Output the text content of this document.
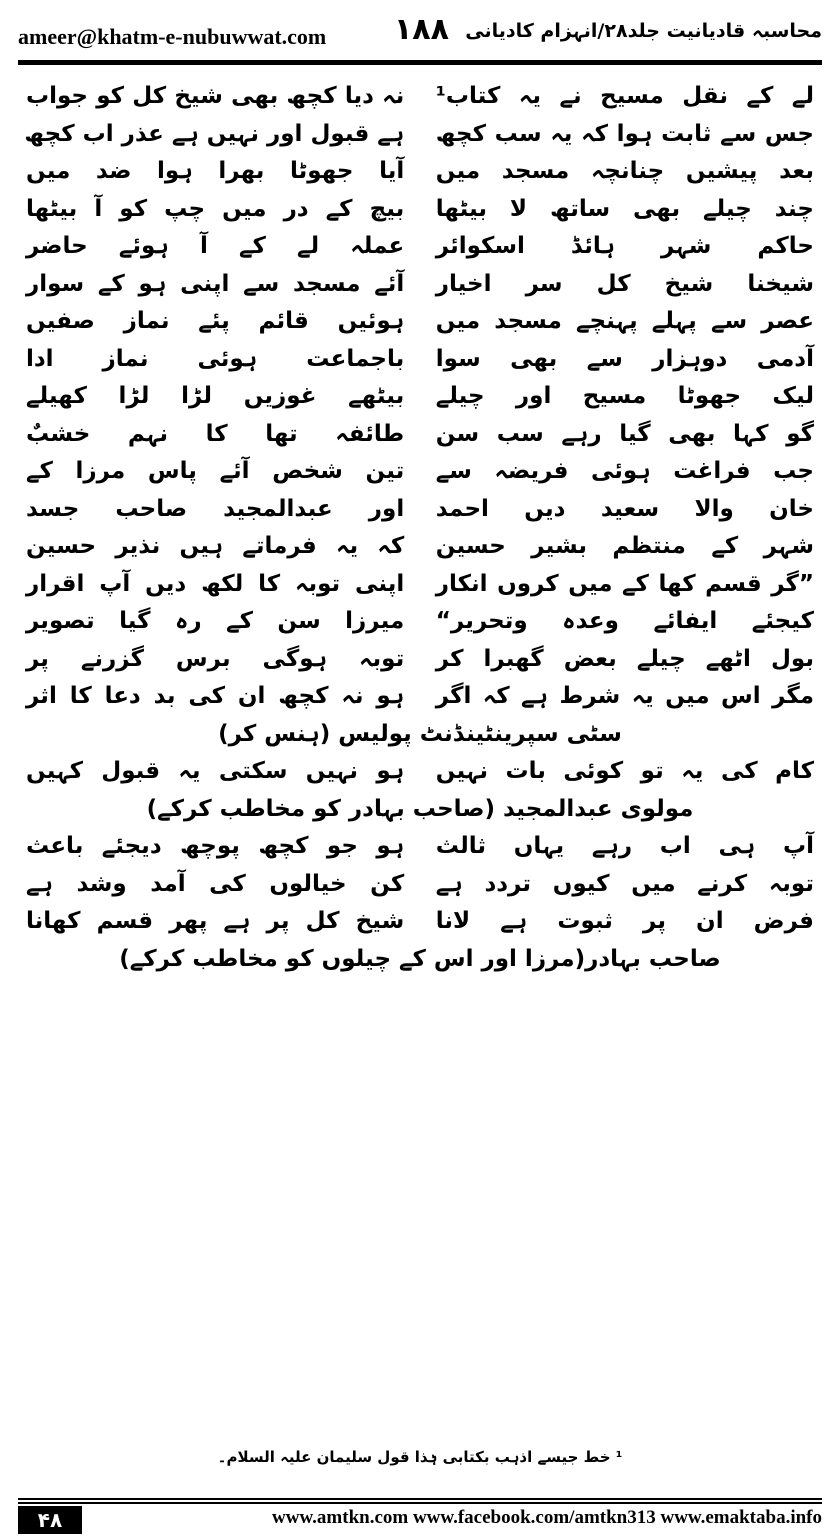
ameer@khatm-e-nubuwwat.com ۱۸۸ محاسبہ قادیانیت جلد۲۸/انہزام کادیانی
لے کے نقل مسیح نے یہ کتاب¹
نہ دیا کچھ بھی شیخ کل کو جواب
جس سے ثابت ہوا کہ یہ سب کچھ
ہے قبول اور نہیں ہے عذر اب کچھ
بعد پیشیں چنانچہ مسجد میں
آیا جھوٹا بھرا ہوا ضد میں
چند چیلے بھی ساتھ لا بیٹھا
بیچ کے در میں چپ کو آ بیٹھا
حاکم شہر ہائڈ اسکوائر
عملہ لے کے آ ہوئے حاضر
شیخنا شیخ کل سر اخیار
آئے مسجد سے اپنی ہو کے سوار
عصر سے پہلے پہنچے مسجد میں
ہوئیں قائم پئے نماز صفیں
آدمی دوہزار سے بھی سوا
باجماعت ہوئی نماز ادا
لیک جھوٹا مسیح اور چیلے
بیٹھے غوزیں لڑا لڑا کھیلے
گو کہا بھی گیا رہے سب سن
طائفہ تھا کا نہم خشبٌ
جب فراغت ہوئی فریضہ سے
تین شخص آئے پاس مرزا کے
خان والا سعید دیں احمد
اور عبدالمجید صاحب جسد
شہر کے منتظم بشیر حسین
کہ یہ فرماتے ہیں نذیر حسین
”گر قسم کھا کے میں کروں انکار
اپنی توبہ کا لکھ دیں آپ اقرار
کیجئے ایفائے وعدہ وتحریر“
میرزا سن کے رہ گیا تصویر
بول اٹھے چیلے بعض گھبرا کر
توبہ ہوگی برس گزرنے پر
مگر اس میں یہ شرط ہے کہ اگر
ہو نہ کچھ ان کی بد دعا کا اثر
سٹی سپرینٹینڈنٹ پولیس (ہنس کر)
کام کی یہ تو کوئی بات نہیں
ہو نہیں سکتی یہ قبول کہیں
مولوی عبدالمجید (صاحب بہادر کو مخاطب کرکے)
آپ ہی اب رہے یہاں ثالث
ہو جو کچھ پوچھ دیجئے باعث
توبہ کرنے میں کیوں تردد ہے
کن خیالوں کی آمد وشد ہے
فرض ان پر ثبوت ہے لانا
شیخ کل پر ہے پھر قسم کھانا
صاحب بہادر(مرزا اور اس کے چیلوں کو مخاطب کرکے)
¹ خط جیسے اذہب بکتابی ہٰذا قول سلیمان علیہ السلام۔
۴۸	www.amtkn.com www.facebook.com/amtkn313 www.emaktaba.info
